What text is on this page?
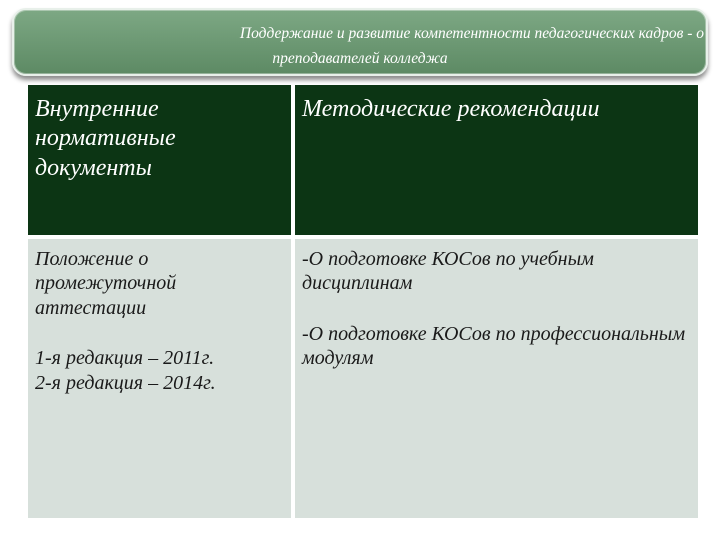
Поддержание и развитие компетентности педагогических кадров - о
преподавателей колледжа
Внутренние нормативные документы
Методические рекомендации

Положение о промежуточной аттестации

1-я редакция – 2011г.

2-я редакция – 2014г.

-О подготовке КОСов по учебным дисциплинам

-О подготовке КОСов по профессиональным модулям
